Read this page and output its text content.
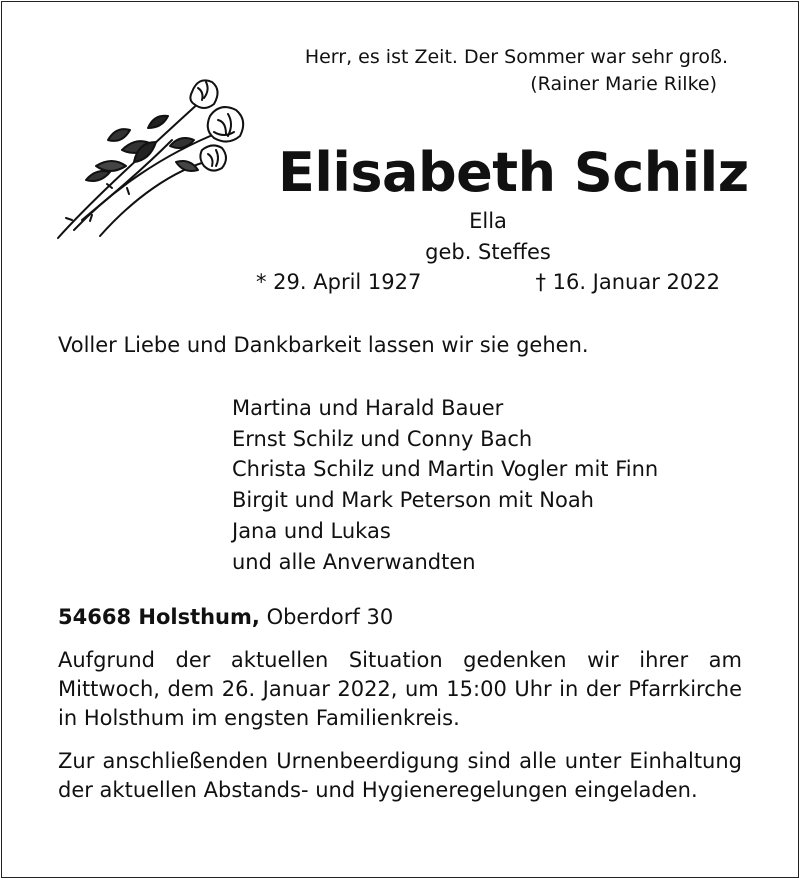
Herr, es ist Zeit. Der Sommer war sehr groß.

(Rainer Marie Rilke)
Elisabeth Schilz
Ella
geb. Steffes
* 29. April 1927	† 16. Januar 2022
Voller Liebe und Dankbarkeit lassen wir sie gehen.
Martina und Harald Bauer
Ernst Schilz und Conny Bach
Christa Schilz und Martin Vogler mit Finn
Birgit und Mark Peterson mit Noah
Jana und Lukas
und alle Anverwandten
54668 Holsthum, Oberdorf 30
Aufgrund der aktuellen Situation gedenken wir ihrer am Mittwoch, dem 26. Januar 2022, um 15:00 Uhr in der Pfarrkirche in Holsthum im engsten Familienkreis.
Zur anschließenden Urnenbeerdigung sind alle unter Einhaltung der aktuellen Abstands- und Hygieneregelungen eingeladen.
